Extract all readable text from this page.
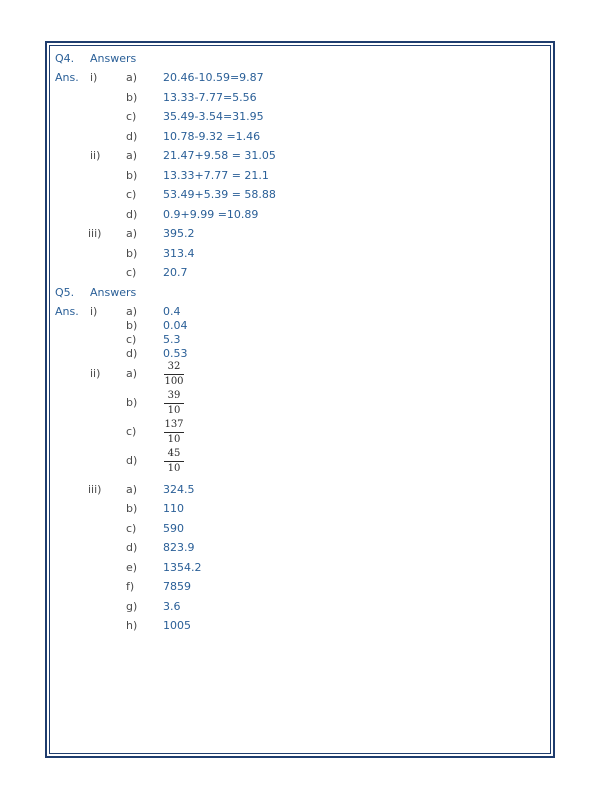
Q4. Answers
Ans. i)	a) 20.46-10.59=9.87
b) 13.33-7.77=5.56
c) 35.49-3.54=31.95
d) 10.78-9.32 =1.46
ii) a) 21.47+9.58 = 31.05
b) 13.33+7.77 = 21.1
c) 53.49+5.39 = 58.88
d) 0.9+9.99 =10.89
iii) a) 395.2
b) 313.4
c) 20.7
Q5. Answers
Ans. i)	a) 0.4
b) 0.04
c) 5.3
d) 0.53
ii) a)	$\frac{32}{100}$
b)	$\frac{39}{10}$
c)	$\frac{137}{10}$
d)	$\frac{45}{10}$
iii) a) 324.5
b) 110
c) 590
d) 823.9
e) 1354.2
f)	7859
g) 3.6
h) 1005
